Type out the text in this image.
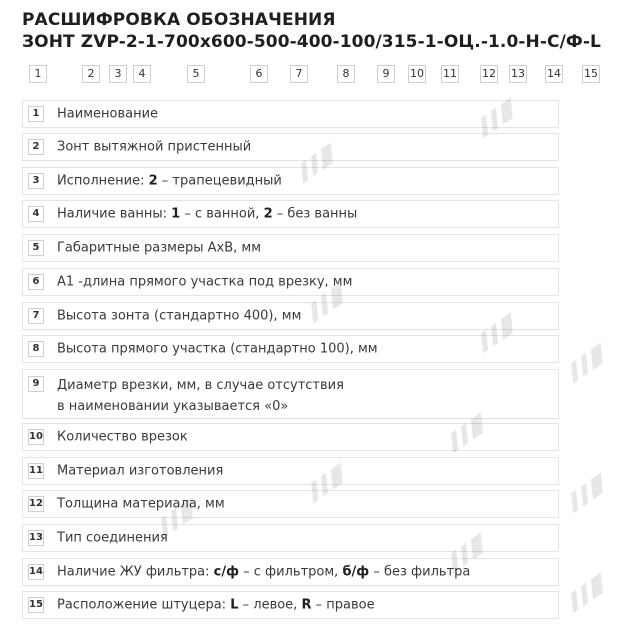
РАСШИФРОВКА ОБОЗНАЧЕНИЯ
ЗОНТ ZVP-2-1-700х600-500-400-100/315-1-ОЦ.-1.0-Н-С/Ф-L
1	2	3	4	5	6	7	8	9	10 11 12 13 14 15
1	Наименование
2	Зонт вытяжной пристенный
3	Исполнение: 2 – трапецевидный
4	Наличие ванны: 1 – с ванной, 2 – без ванны
5	Габаритные размеры АхВ, мм
6	А1 -длина прямого участка под врезку, мм
7	Высота зонта (стандартно 400), мм
8	Высота прямого участка (стандартно 100), мм
9	Диаметр врезки, мм, в случае отсутствия
в наименовании указывается «0»
10 Количество врезок
11 Материал изготовления
12 Толщина материала, мм
13 Тип соединения
14 Наличие ЖУ фильтра: с/ф – с фильтром, б/ф – без фильтра
15 Расположение штуцера: L – левое, R – правое
